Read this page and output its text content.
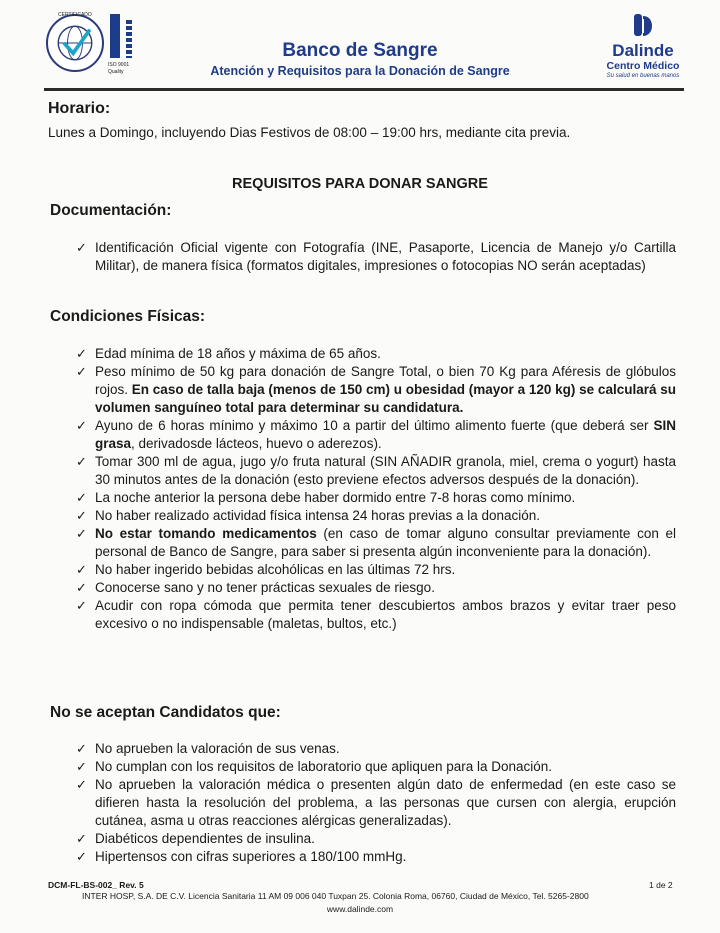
CERTIFICADO
ISO 9001
Quality
Banco de Sangre
Atención y Requisitos para la Donación de Sangre
Dalinde
Centro Médico
Su salud en buenas manos
Horario:
Lunes a Domingo, incluyendo Dias Festivos de 08:00 – 19:00 hrs, mediante cita previa.
REQUISITOS PARA DONAR SANGRE
Documentación:
✓ Identificación Oficial vigente con Fotografía (INE, Pasaporte, Licencia de Manejo y/o Cartilla Militar), de manera física (formatos digitales, impresiones o fotocopias NO serán aceptadas)
Condiciones Físicas:
✓ Edad mínima de 18 años y máxima de 65 años.
✓ Peso mínimo de 50 kg para donación de Sangre Total, o bien 70 Kg para Aféresis de glóbulos rojos. En caso de talla baja (menos de 150 cm) u obesidad (mayor a 120 kg) se calculará su volumen sanguíneo total para determinar su candidatura.
✓ Ayuno de 6 horas mínimo y máximo 10 a partir del último alimento fuerte (que deberá ser SIN grasa, derivadosde lácteos, huevo o aderezos).
✓ Tomar 300 ml de agua, jugo y/o fruta natural (SIN AÑADIR granola, miel, crema o yogurt) hasta 30 minutos antes de la donación (esto previene efectos adversos después de la donación).
✓ La noche anterior la persona debe haber dormido entre 7-8 horas como mínimo.
✓ No haber realizado actividad física intensa 24 horas previas a la donación.
✓ No estar tomando medicamentos (en caso de tomar alguno consultar previamente con el personal de Banco de Sangre, para saber si presenta algún inconveniente para la donación).
✓ No haber ingerido bebidas alcohólicas en las últimas 72 hrs.
✓ Conocerse sano y no tener prácticas sexuales de riesgo.
✓ Acudir con ropa cómoda que permita tener descubiertos ambos brazos y evitar traer peso excesivo o no indispensable (maletas, bultos, etc.)
No se aceptan Candidatos que:
✓ No aprueben la valoración de sus venas.
✓ No cumplan con los requisitos de laboratorio que apliquen para la Donación.
✓ No aprueben la valoración médica o presenten algún dato de enfermedad (en este caso se difieren hasta la resolución del problema, a las personas que cursen con alergia, erupción cutánea, asma u otras reacciones alérgicas generalizadas).
✓ Diabéticos dependientes de insulina.
✓ Hipertensos con cifras superiores a 180/100 mmHg.
DCM-FL-BS-002_ Rev. 5	1 de 2
INTER HOSP, S.A. DE C.V. Licencia Sanitaria 11 AM 09 006 040 Tuxpan 25. Colonia Roma, 06760, Ciudad de México, Tel. 5265-2800
www.dalinde.com
